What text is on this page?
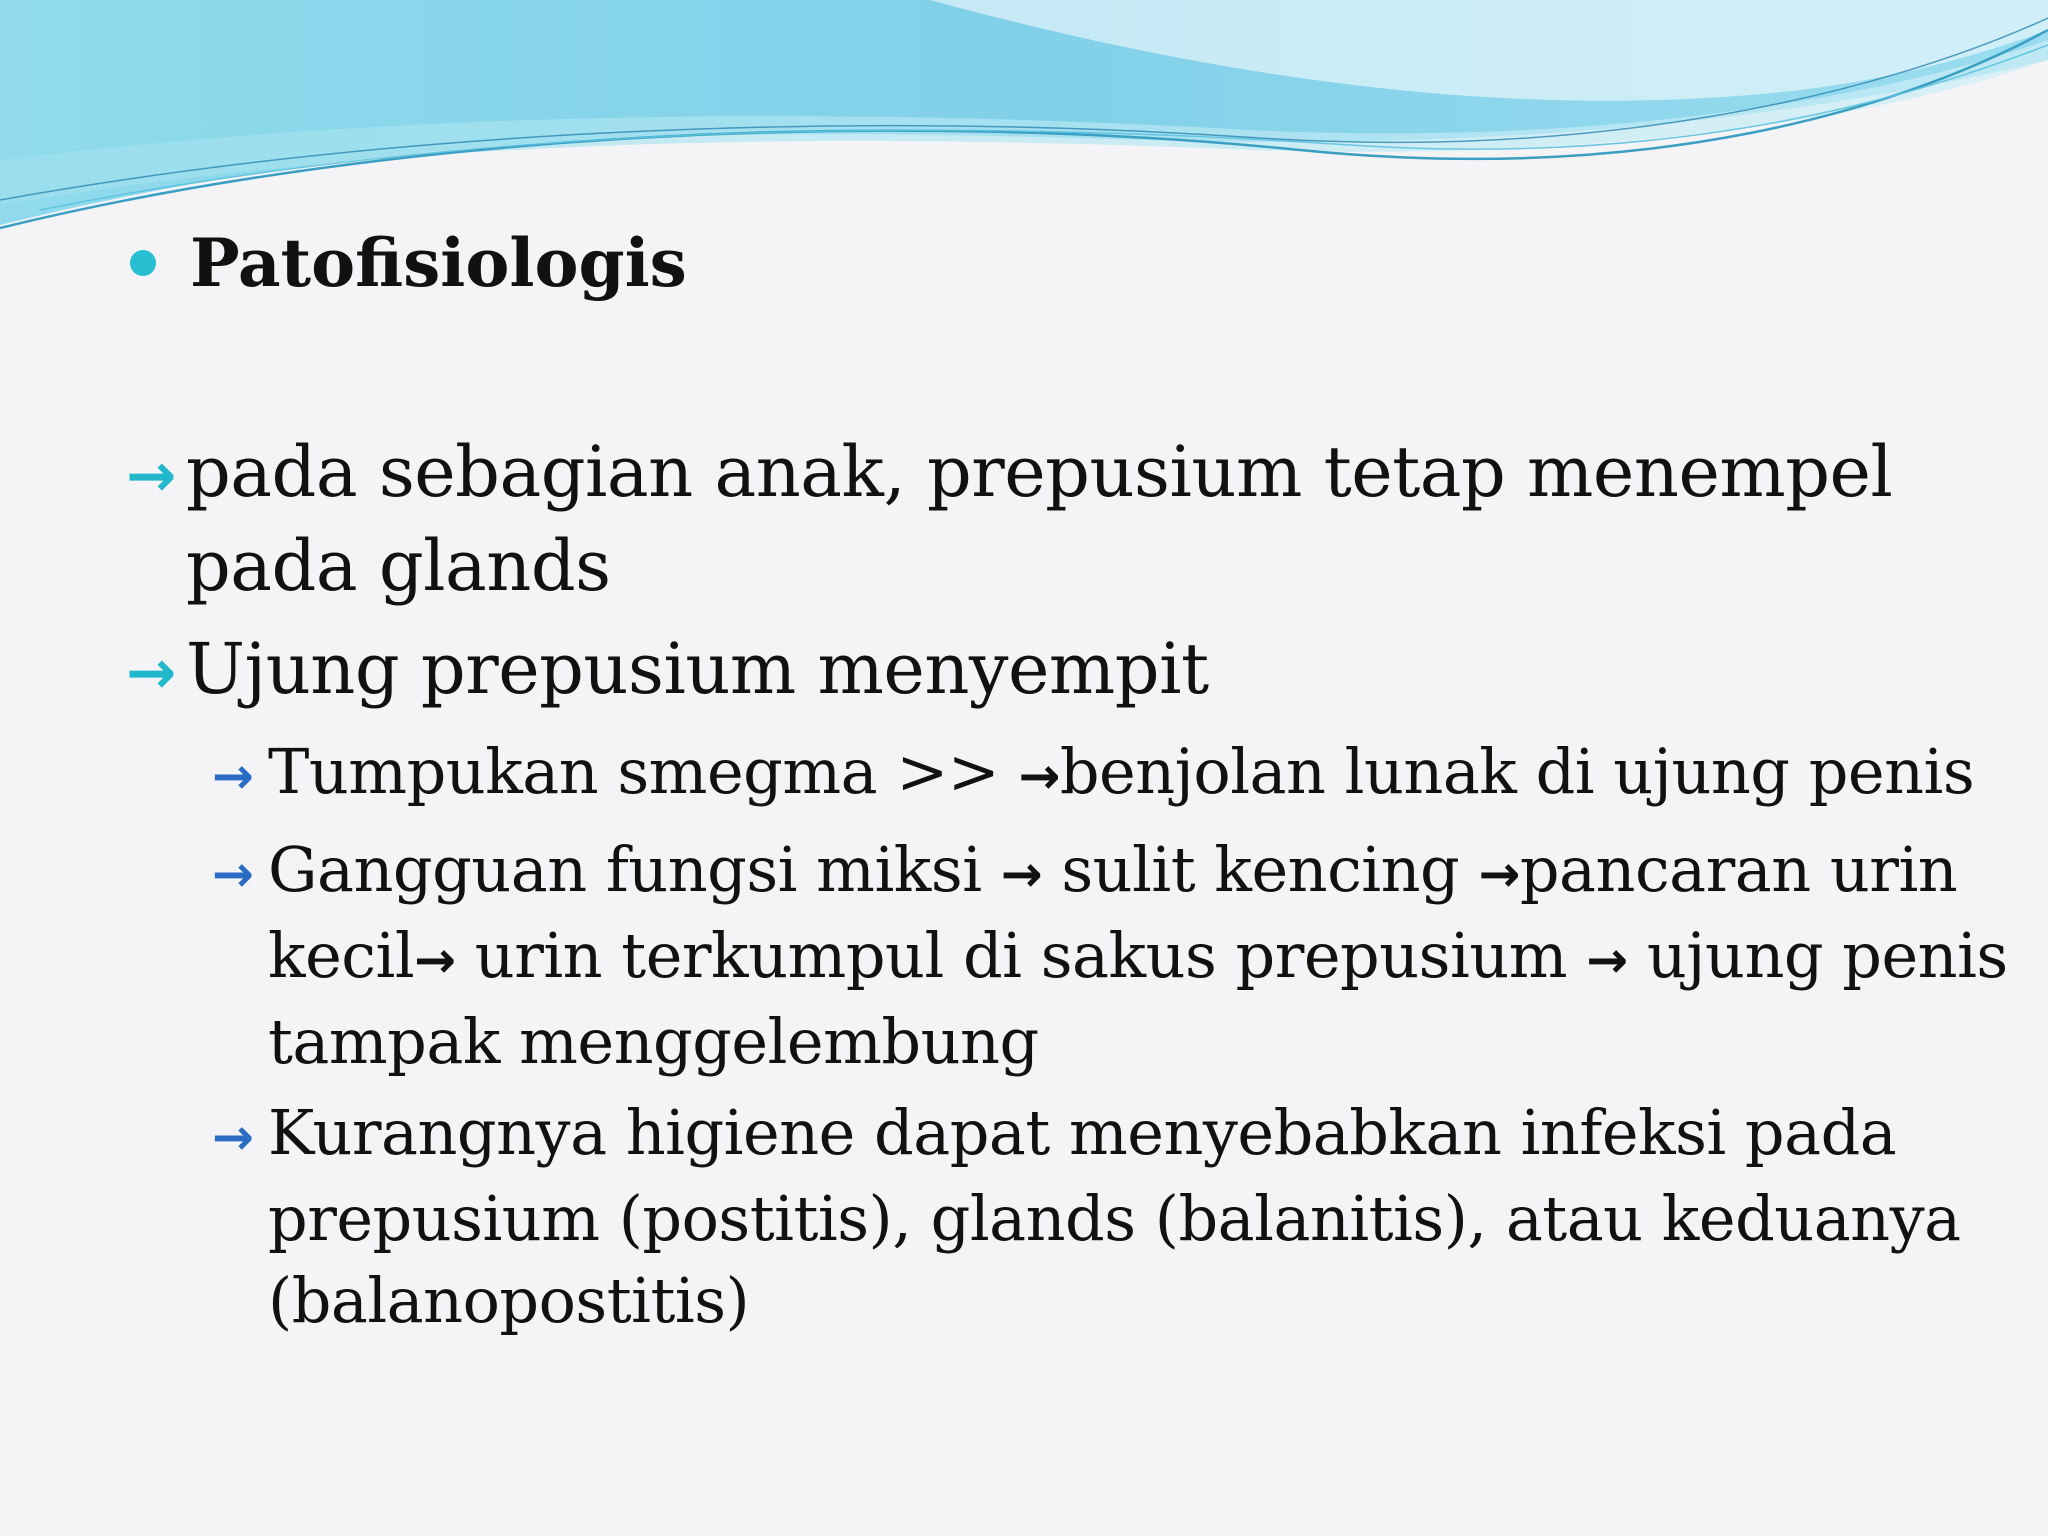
Patofisiologis
→ pada sebagian anak, prepusium tetap menempel pada glands
→ Ujung prepusium menyempit
→ Tumpukan smegma >> →benjolan lunak di ujung penis
→ Gangguan fungsi miksi → sulit kencing →pancaran urin kecil→ urin terkumpul di sakus prepusium → ujung penis tampak menggelembung
→ Kurangnya higiene dapat menyebabkan infeksi pada prepusium (postitis), glands (balanitis), atau keduanya (balanopostitis)
